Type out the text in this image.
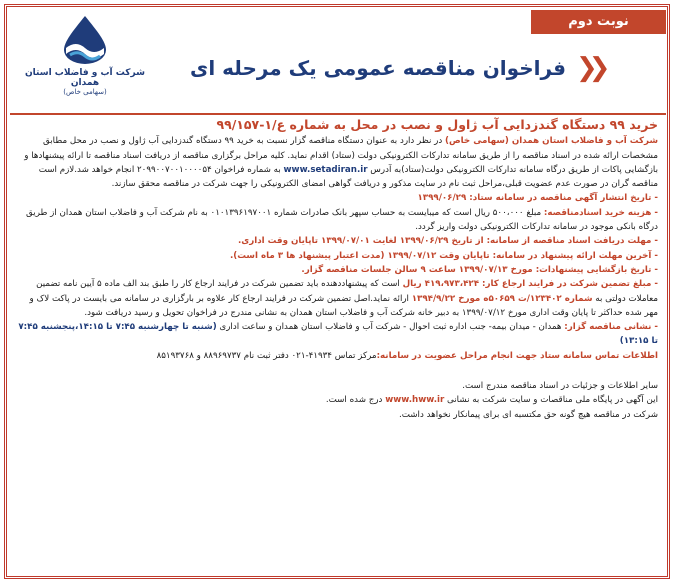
نوبت دوم
شرکت آب و فاضلاب استان همدان
(سهامی خاص)
❮❮
فراخوان مناقصه عمومی یک مرحله ای
خرید ۹۹ دستگاه گندزدایی آب ژاول و نصب در محل به شماره ع/۱-۹۹/۱۵۷

شرکت آب و فاضلاب استان همدان (سهامی خاص) در نظر دارد به عنوان دستگاه مناقصه گزار نسبت به خرید ۹۹ دستگاه گندزدایی آب ژاول و نصب در محل مطابق مشخصات ارائه شده در اسناد مناقصه را از طریق سامانه تدارکات الکترونیکی دولت (ستاد) اقدام نماید. کلیه مراحل برگزاری مناقصه از دریافت اسناد مناقصه تا ارائه پیشنهادها و بازگشایی پاکات از طریق درگاه سامانه تدارکات الکترونیکی دولت(ستاد)به آدرس www.setadiran.ir به شماره فراخوان ۲۰۹۹۰۰۷۰۰۱۰۰۰۰۵۴ انجام خواهد شد.لازم است مناقصه گران در صورت عدم عضویت قبلی،مراحل ثبت نام در سایت مذکور و دریافت گواهی امضای الکترونیکی را جهت شرکت در مناقصه محقق سازند.

- تاریخ انتشار آگهی مناقصه در سامانه ستاد: ۱۳۹۹/۰۶/۲۹

- هزینه خرید اسنادمناقصه: مبلغ ۵۰۰،۰۰۰ ریال است که میبایست به حساب سپهر بانک صادرات شماره ۰۱۰۱۳۹۶۱۹۷۰۰۱ به نام شرکت آب و فاضلاب استان همدان از طریق درگاه بانکی موجود در سامانه تدارکات الکترونیکی دولت واریز گردد.

- مهلت دریافت اسناد مناقصه از سامانه: از تاریخ ۱۳۹۹/۰۶/۲۹ لغایت ۱۳۹۹/۰۷/۰۱ تاپایان وقت اداری.

- آخرین مهلت ارائه پیشنهاد در سامانه: تاپایان وقت ۱۳۹۹/۰۷/۱۲ (مدت اعتبار پیشنهاد ها ۳ ماه است).

- تاریخ بازگشایی پیشنهادات: مورخ ۱۳۹۹/۰۷/۱۳ ساعت ۹ سالن جلسات مناقصه گزار.

- مبلغ تضمین شرکت در فرایند ارجاع کار: ۴۱۹،۹۷۳،۴۲۴ ریال است که پیشنهاددهنده باید تضمین شرکت در فرایند ارجاع کار را طبق بند الف ماده ۵ آیین نامه تضمین معاملات دولتی به شماره ۱۲۳۴۰۲/ت ۵۰۶۵۹ه مورخ ۱۳۹۴/۹/۲۲ ارائه نماید.اصل تضمین شرکت در فرایند ارجاع کار علاوه بر بارگزاری در سامانه می بایست در پاکت لاک و مهر شده حداکثر تا پایان وقت اداری مورخ ۱۳۹۹/۰۷/۱۲ به دبیر خانه شرکت آب و فاضلاب استان همدان به نشانی مندرج در فراخوان تحویل و رسید دریافت شود.

- نشانی مناقصه گزار: همدان - میدان بیمه- جنب اداره ثبت احوال - شرکت آب و فاضلاب استان همدان و ساعت اداری (شنبه تا چهارشنبه ۷:۴۵ تا ۱۴:۱۵،پنجشنبه ۷:۴۵ تا ۱۳:۱۵)

اطلاعات تماس سامانه ستاد جهت انجام مراحل عضویت در سامانه:مرکز تماس ۴۱۹۳۴-۰۲۱ دفتر ثبت نام ۸۸۹۶۹۷۳۷ و ۸۵۱۹۳۷۶۸

سایر اطلاعات و جزئیات در اسناد مناقصه مندرج است.

این آگهی در پایگاه ملی مناقصات و سایت شرکت به نشانی www.hww.ir درج شده است.

شرکت در مناقصه هیچ گونه حق مکتسبه ای برای پیمانکار نخواهد داشت.
